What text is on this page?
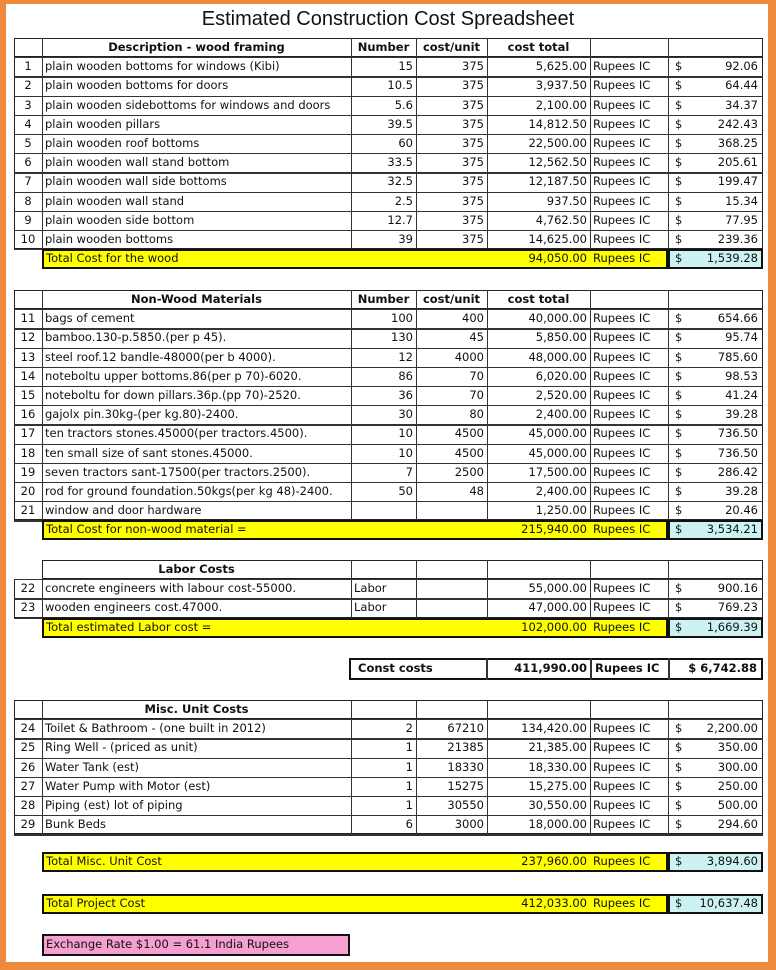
Estimated Construction Cost Spreadsheet
Description - wood framing	Number	cost/unit	cost total
1	plain wooden bottoms for windows (Kibi)	15	375	5,625.00 Rupees IC	$	92.06
2	plain wooden bottoms for doors	10.5	375	3,937.50 Rupees IC	$	64.44
3	plain wooden sidebottoms for windows and doors	5.6	375	2,100.00 Rupees IC	$	34.37
4	plain wooden pillars	39.5	375	14,812.50 Rupees IC	$	242.43
5	plain wooden roof bottoms	60	375	22,500.00 Rupees IC	$	368.25
6	plain wooden wall stand bottom	33.5	375	12,562.50 Rupees IC	$	205.61
7	plain wooden wall side bottoms	32.5	375	12,187.50 Rupees IC	$	199.47
8	plain wooden wall stand	2.5	375	937.50 Rupees IC	$	15.34
9	plain wooden side bottom	12.7	375	4,762.50 Rupees IC	$	77.95
10 plain wooden bottoms	39	375	14,625.00 Rupees IC	$	239.36
Total Cost for the wood	94,050.00 Rupees IC	$	1,539.28
Non-Wood Materials	Number	cost/unit	cost total
11 bags of cement	100	400	40,000.00 Rupees IC	$	654.66
12 bamboo.130-p.5850.(per p 45).	130	45	5,850.00 Rupees IC	$	95.74
13 steel roof.12 bandle-48000(per b 4000).	12	4000	48,000.00 Rupees IC	$	785.60
14 noteboltu upper bottoms.86(per p 70)-6020.	86	70	6,020.00 Rupees IC	$	98.53
15 noteboltu for down pillars.36p.(pp 70)-2520.	36	70	2,520.00 Rupees IC	$	41.24
16 gajolx pin.30kg-(per kg.80)-2400.	30	80	2,400.00 Rupees IC	$	39.28
17 ten tractors stones.45000(per tractors.4500).	10	4500	45,000.00 Rupees IC	$	736.50
18 ten small size of sant stones.45000.	10	4500	45,000.00 Rupees IC	$	736.50
19 seven tractors sant-17500(per tractors.2500).	7	2500	17,500.00 Rupees IC	$	286.42
20 rod for ground foundation.50kgs(per kg 48)-2400.	50	48	2,400.00 Rupees IC	$	39.28
21 window and door hardware	1,250.00 Rupees IC	$	20.46
Total Cost for non-wood material =	215,940.00 Rupees IC	$	3,534.21
Labor Costs
22 concrete engineers with labour cost-55000.	Labor	55,000.00 Rupees IC	$	900.16
23 wooden engineers cost.47000.	Labor	47,000.00 Rupees IC	$	769.23
Total estimated Labor cost =	102,000.00 Rupees IC	$	1,669.39
Const costs	411,990.00 Rupees IC	$ 6,742.88
Misc. Unit Costs
24 Toilet & Bathroom - (one built in 2012)	2	67210	134,420.00 Rupees IC	$	2,200.00
25 Ring Well - (priced as unit)	1	21385	21,385.00 Rupees IC	$	350.00
26 Water Tank (est)	1	18330	18,330.00 Rupees IC	$	300.00
27 Water Pump with Motor (est)	1	15275	15,275.00 Rupees IC	$	250.00
28 Piping (est) lot of piping	1	30550	30,550.00 Rupees IC	$	500.00
29 Bunk Beds	6	3000	18,000.00 Rupees IC	$	294.60
Total Misc. Unit Cost	237,960.00 Rupees IC	$	3,894.60
Total Project Cost	412,033.00 Rupees IC	$	10,637.48
Exchange Rate $1.00 = 61.1 India Rupees
